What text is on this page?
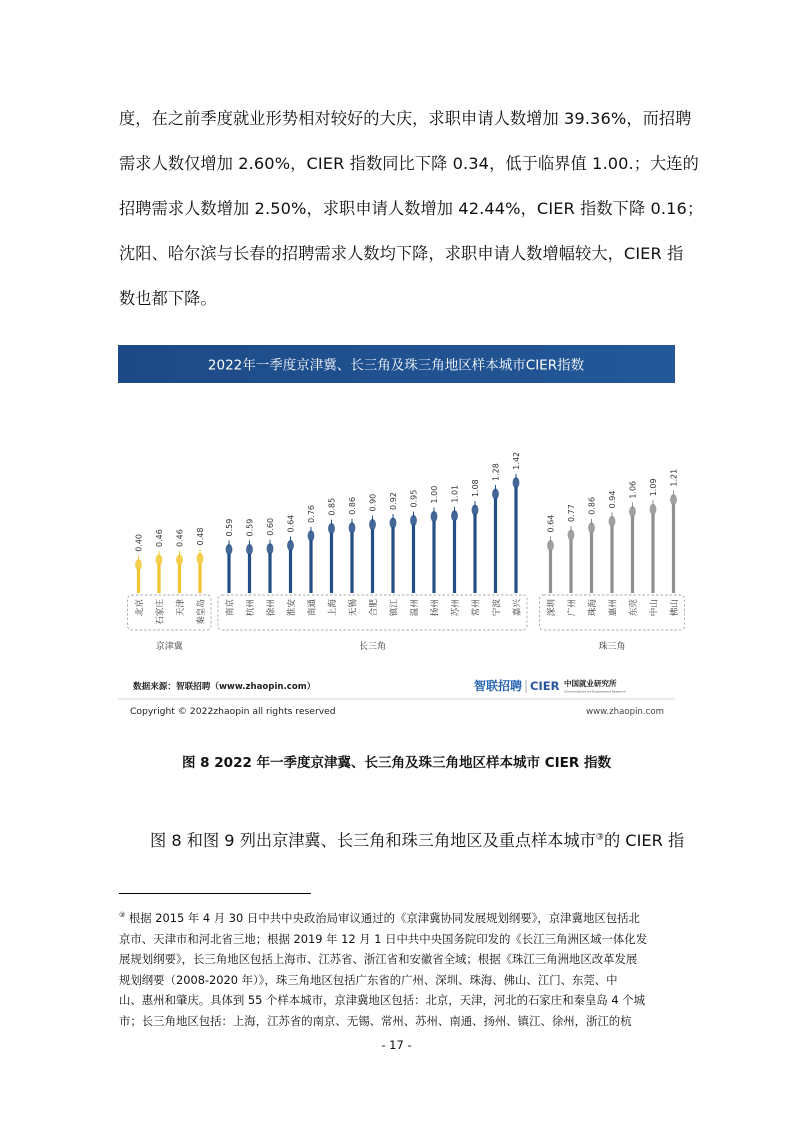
度，在之前季度就业形势相对较好的大庆，求职申请人数增加 39.36%，而招聘
需求人数仅增加 2.60%，CIER 指数同比下降 0.34，低于临界值 1.00.；大连的
招聘需求人数增加 2.50%，求职申请人数增加 42.44%，CIER 指数下降 0.16；
沈阳、哈尔滨与长春的招聘需求人数均下降，求职申请人数增幅较大，CIER 指
数也都下降。
2022年一季度京津冀、长三角及珠三角地区样本城市CIER指数
0.40
北京
0.46
石家庄
0.46
天津
0.48
秦皇岛
0.59
南京
0.59
杭州
0.60
徐州
0.64
淮安
0.76
南通
0.85
上海
0.86
无锡
0.90
合肥
0.92
镇江
0.95
温州
1.00
扬州
1.01
苏州
1.08
常州
1.28
宁波
1.42
嘉兴
0.64
深圳
0.77
广州
0.86
珠海
0.94
惠州
1.06
东莞
1.09
中山
1.21
佛山
京津冀	长三角	珠三角
数据来源：智联招聘（www.zhaopin.com）	智联招聘 CIER 中国就业研究所
China Institute for Employment Research
Copyright © 2022zhaopin all rights reserved	www.zhaopin.com
图 8 2022 年一季度京津冀、长三角及珠三角地区样本城市 CIER 指数
图 8 和图 9 列出京津冀、长三角和珠三角地区及重点样本城市③的 CIER 指
③ 根据 2015 年 4 月 30 日中共中央政治局审议通过的《京津冀协同发展规划纲要》，京津冀地区包括北
京市、天津市和河北省三地；根据 2019 年 12 月 1 日中共中央国务院印发的《长江三角洲区域一体化发
展规划纲要》，长三角地区包括上海市、江苏省、浙江省和安徽省全域；根据《珠江三角洲地区改革发展
规划纲要（2008-2020 年）》，珠三角地区包括广东省的广州、深圳、珠海、佛山、江门、东莞、中
山、惠州和肇庆。具体到 55 个样本城市，京津冀地区包括：北京，天津，河北的石家庄和秦皇岛 4 个城
市；长三角地区包括：上海，江苏省的南京、无锡、常州、苏州、南通、扬州、镇江、徐州，浙江的杭
- 17 -
